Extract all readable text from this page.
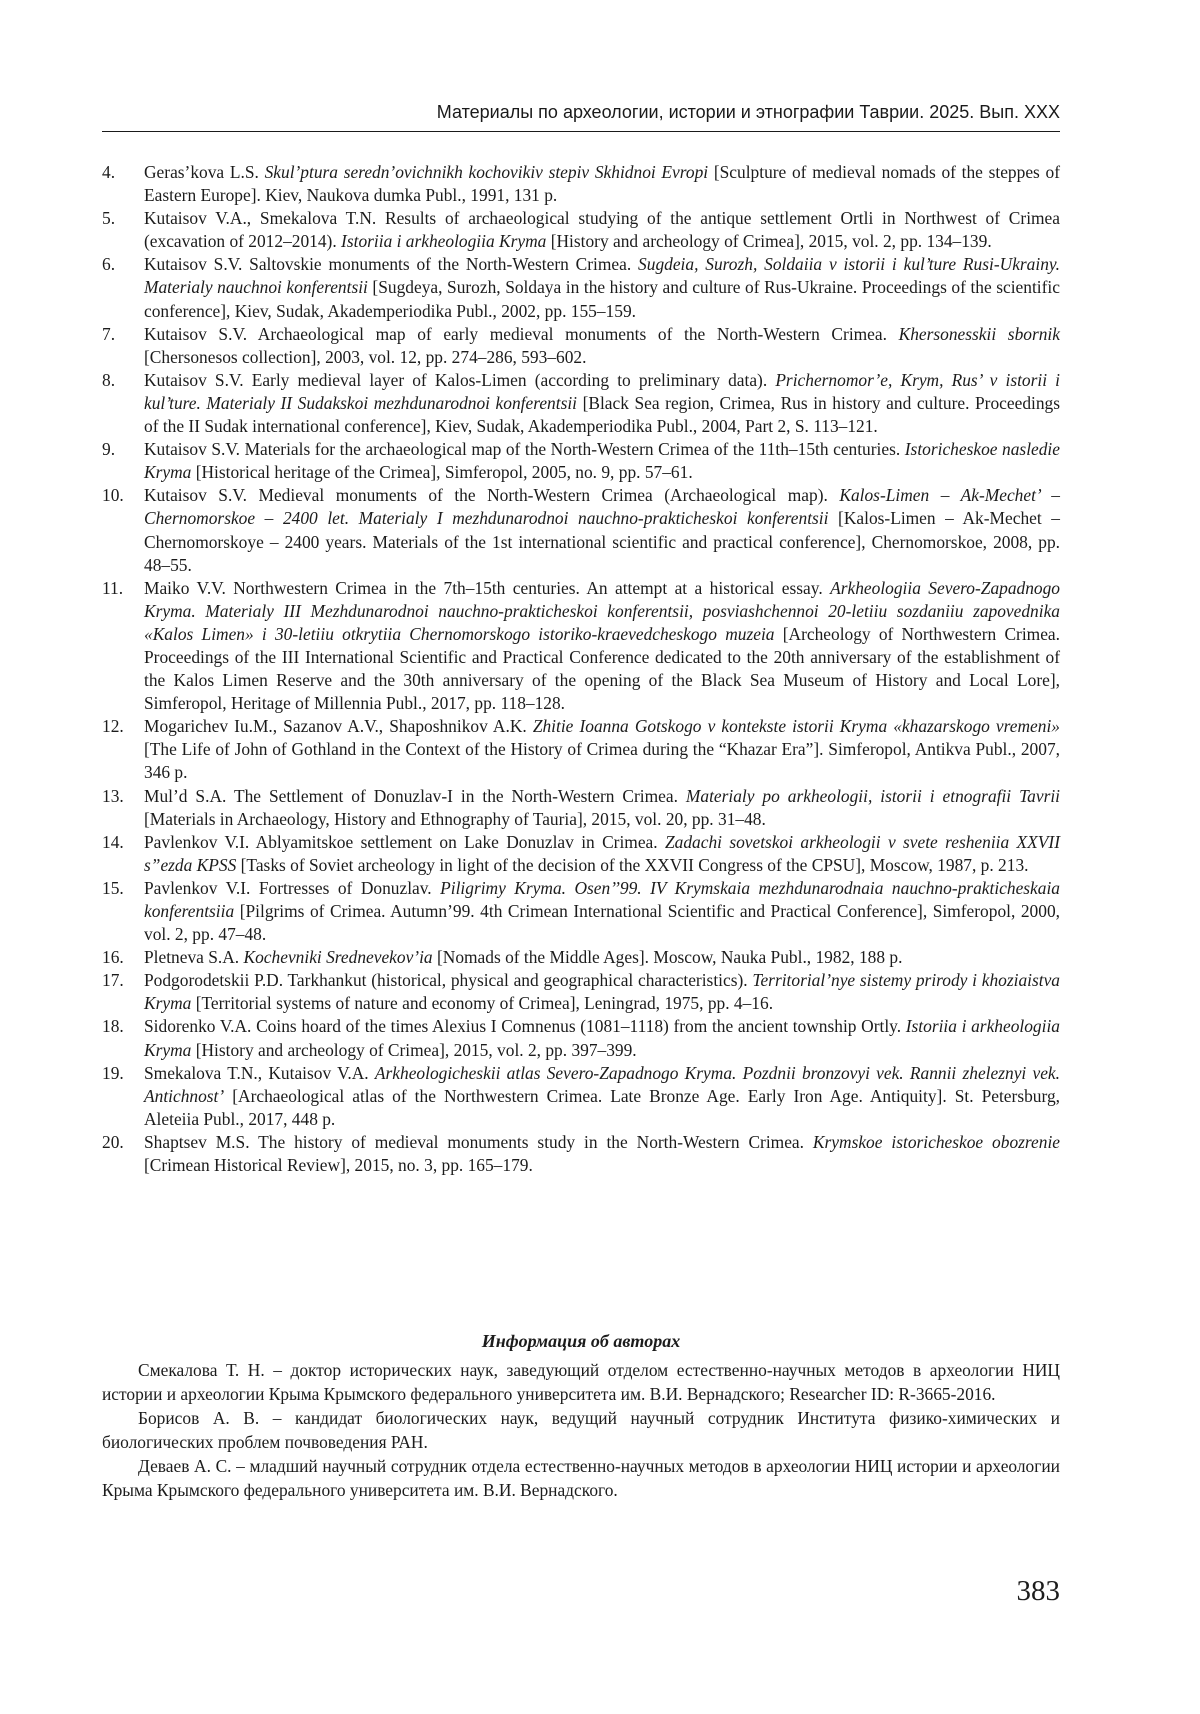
Материалы по археологии, истории и этнографии Таврии. 2025. Вып. XXX
4. Geras’kova L.S. Skul’ptura seredn’ovichnikh kochovikiv stepiv Skhidnoi Evropi [Sculpture of medieval nomads of the steppes of Eastern Europe]. Kiev, Naukova dumka Publ., 1991, 131 p.
5. Kutaisov V.A., Smekalova T.N. Results of archaeological studying of the antique settlement Ortli in Northwest of Crimea (excavation of 2012–2014). Istoriia i arkheologiia Kryma [History and archeology of Crimea], 2015, vol. 2, pp. 134–139.
6. Kutaisov S.V. Saltovskie monuments of the North-Western Crimea. Sugdeia, Surozh, Soldaiia v istorii i kul’ture Rusi-Ukrainy. Materialy nauchnoi konferentsii [Sugdeya, Surozh, Soldaya in the history and culture of Rus-Ukraine. Proceedings of the scientific conference], Kiev, Sudak, Akademperiodika Publ., 2002, pp. 155–159.
7. Kutaisov S.V. Archaeological map of early medieval monuments of the North-Western Crimea. Khersonesskii sbornik [Chersonesos collection], 2003, vol. 12, pp. 274–286, 593–602.
8. Kutaisov S.V. Early medieval layer of Kalos-Limen (according to preliminary data). Prichernomor’e, Krym, Rus’ v istorii i kul’ture. Materialy II Sudakskoi mezhdunarodnoi konferentsii [Black Sea region, Crimea, Rus in history and culture. Proceedings of the II Sudak international conference], Kiev, Sudak, Akademperiodika Publ., 2004, Part 2, S. 113–121.
9. Kutaisov S.V. Materials for the archaeological map of the North-Western Crimea of the 11th–15th centuries. Istoricheskoe nasledie Kryma [Historical heritage of the Crimea], Simferopol, 2005, no. 9, pp. 57–61.
10. Kutaisov S.V. Medieval monuments of the North-Western Crimea (Archaeological map). Kalos-Limen – Ak-Mechet’ – Chernomorskoe – 2400 let. Materialy I mezhdunarodnoi nauchno-prakticheskoi konferentsii [Kalos-Limen – Ak-Mechet – Chernomorskoye – 2400 years. Materials of the 1st international scientific and practical conference], Chernomorskoe, 2008, pp. 48–55.
11. Maiko V.V. Northwestern Crimea in the 7th–15th centuries. An attempt at a historical essay. Arkheologiia Severo-Zapadnogo Kryma. Materialy III Mezhdunarodnoi nauchno-prakticheskoi konferentsii, posviashchennoi 20-letiiu sozdaniiu zapovednika «Kalos Limen» i 30-letiiu otkrytiia Chernomorskogo istoriko-kraevedcheskogo muzeia [Archeology of Northwestern Crimea. Proceedings of the III International Scientific and Practical Conference dedicated to the 20th anniversary of the establishment of the Kalos Limen Reserve and the 30th anniversary of the opening of the Black Sea Museum of History and Local Lore], Simferopol, Heritage of Millennia Publ., 2017, pp. 118–128.
12. Mogarichev Iu.M., Sazanov A.V., Shaposhnikov A.K. Zhitie Ioanna Gotskogo v kontekste istorii Kryma «khazarskogo vremeni» [The Life of John of Gothland in the Context of the History of Crimea during the “Khazar Era”]. Simferopol, Antikva Publ., 2007, 346 p.
13. Mul’d S.A. The Settlement of Donuzlav-I in the North-Western Crimea. Materialy po arkheologii, istorii i etnografii Tavrii [Materials in Archaeology, History and Ethnography of Tauria], 2015, vol. 20, pp. 31–48.
14. Pavlenkov V.I. Ablyamitskoe settlement on Lake Donuzlav in Crimea. Zadachi sovetskoi arkheologii v svete resheniia XXVII s”ezda KPSS [Tasks of Soviet archeology in light of the decision of the XXVII Congress of the CPSU], Moscow, 1987, p. 213.
15. Pavlenkov V.I. Fortresses of Donuzlav. Piligrimy Kryma. Osen’’99. IV Krymskaia mezhdunarodnaia nauchno-prakticheskaia konferentsiia [Pilgrims of Crimea. Autumn’99. 4th Crimean International Scientific and Practical Conference], Simferopol, 2000, vol. 2, pp. 47–48.
16. Pletneva S.A. Kochevniki Srednevekov’ia [Nomads of the Middle Ages]. Moscow, Nauka Publ., 1982, 188 p.
17. Podgorodetskii P.D. Tarkhankut (historical, physical and geographical characteristics). Territorial’nye sistemy prirody i khoziaistva Kryma [Territorial systems of nature and economy of Crimea], Leningrad, 1975, pp. 4–16.
18. Sidorenko V.A. Coins hoard of the times Alexius I Comnenus (1081–1118) from the ancient township Ortly. Istoriia i arkheologiia Kryma [History and archeology of Crimea], 2015, vol. 2, pp. 397–399.
19. Smekalova T.N., Kutaisov V.A. Arkheologicheskii atlas Severo-Zapadnogo Kryma. Pozdnii bronzovyi vek. Rannii zheleznyi vek. Antichnost’ [Archaeological atlas of the Northwestern Crimea. Late Bronze Age. Early Iron Age. Antiquity]. St. Petersburg, Aleteiia Publ., 2017, 448 p.
20. Shaptsev M.S. The history of medieval monuments study in the North-Western Crimea. Krymskoe istoricheskoe obozrenie [Crimean Historical Review], 2015, no. 3, pp. 165–179.

Информация об авторах

Смекалова Т. Н. – доктор исторических наук, заведующий отделом естественно-научных методов в археологии НИЦ истории и археологии Крыма Крымского федерального университета им. В.И. Вернадского; Researcher ID: R-3665-2016.

Борисов А. В. – кандидат биологических наук, ведущий научный сотрудник Института физико-химических и биологических проблем почвоведения РАН.

Деваев А. С. – младший научный сотрудник отдела естественно-научных методов в археологии НИЦ истории и археологии Крыма Крымского федерального университета им. В.И. Вернадского.

383
